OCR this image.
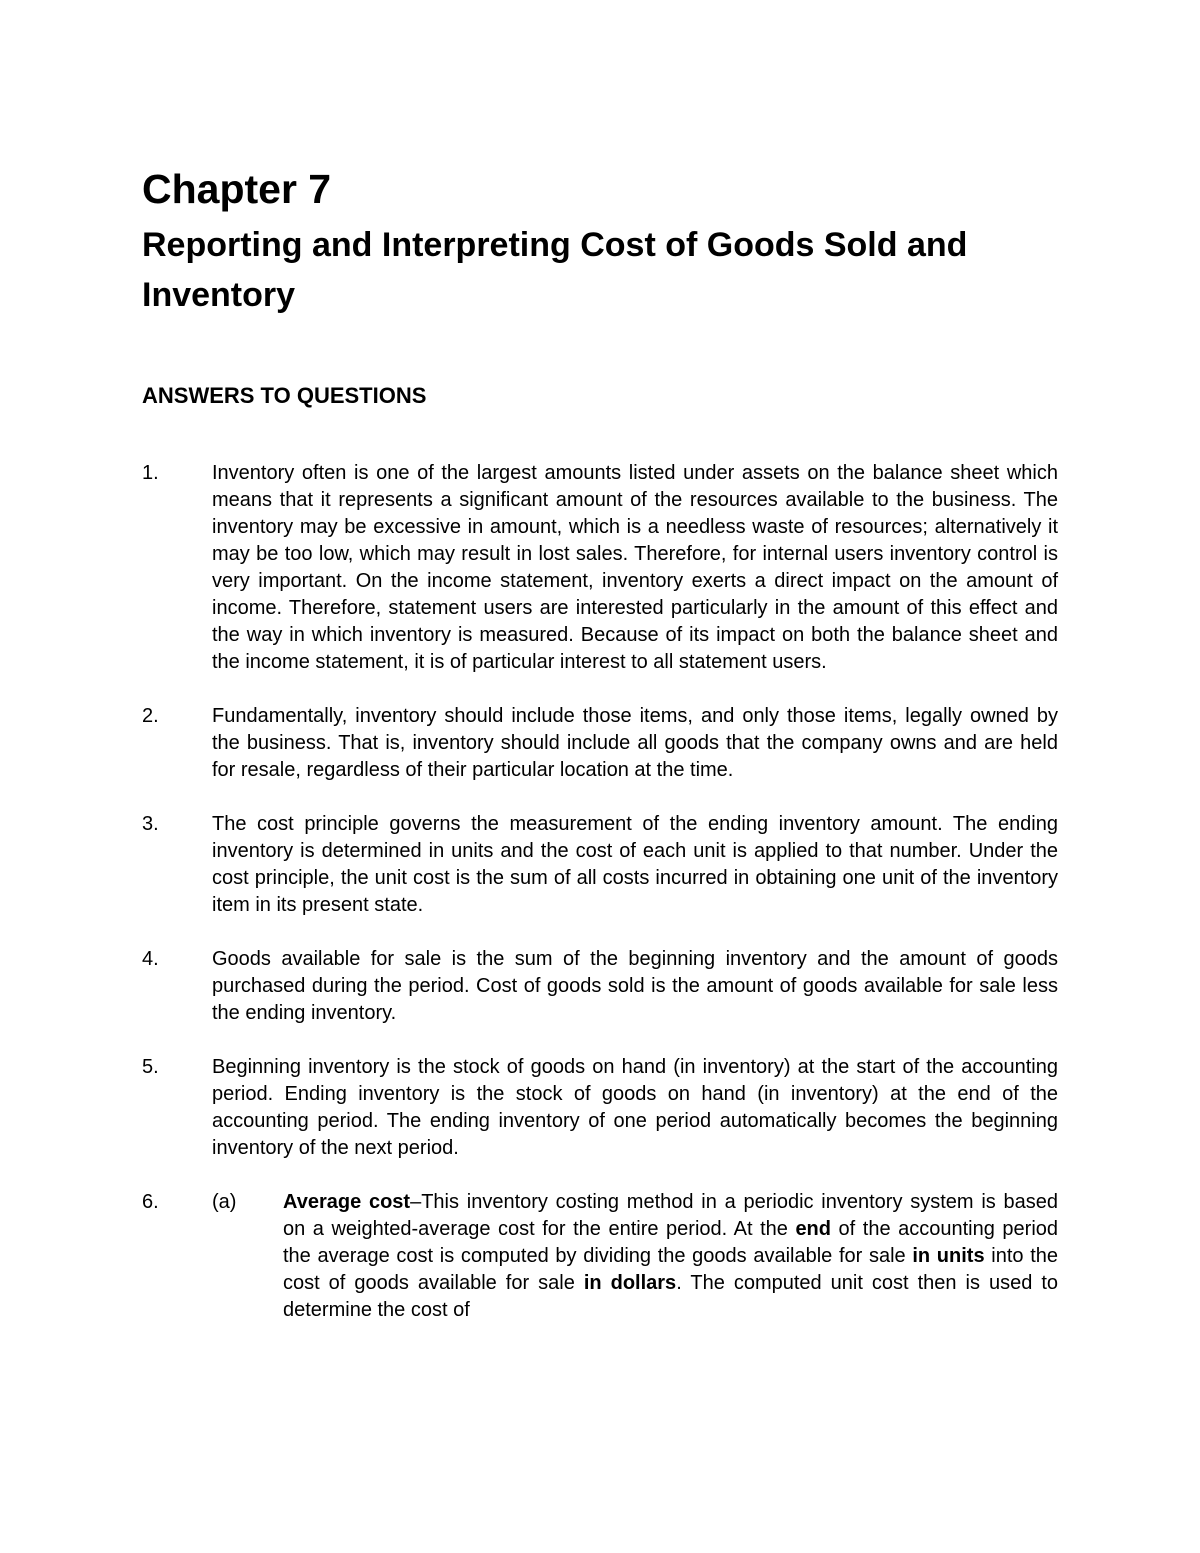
Chapter 7
Reporting and Interpreting Cost of Goods Sold and Inventory
ANSWERS TO QUESTIONS
1.	Inventory often is one of the largest amounts listed under assets on the balance sheet which means that it represents a significant amount of the resources available to the business. The inventory may be excessive in amount, which is a needless waste of resources; alternatively it may be too low, which may result in lost sales. Therefore, for internal users inventory control is very important. On the income statement, inventory exerts a direct impact on the amount of income. Therefore, statement users are interested particularly in the amount of this effect and the way in which inventory is measured. Because of its impact on both the balance sheet and the income statement, it is of particular interest to all statement users.

2.	Fundamentally, inventory should include those items, and only those items, legally owned by the business. That is, inventory should include all goods that the company owns and are held for resale, regardless of their particular location at the time.

3.	The cost principle governs the measurement of the ending inventory amount. The ending inventory is determined in units and the cost of each unit is applied to that number. Under the cost principle, the unit cost is the sum of all costs incurred in obtaining one unit of the inventory item in its present state.

4.	Goods available for sale is the sum of the beginning inventory and the amount of goods purchased during the period. Cost of goods sold is the amount of goods available for sale less the ending inventory.

5.	Beginning inventory is the stock of goods on hand (in inventory) at the start of the accounting period. Ending inventory is the stock of goods on hand (in inventory) at the end of the accounting period. The ending inventory of one period automatically becomes the beginning inventory of the next period.

6.	(a) Average cost–This inventory costing method in a periodic inventory system is based on a weighted-average cost for the entire period. At the end of the accounting period the average cost is computed by dividing the goods available for sale in units into the cost of goods available for sale in dollars. The computed unit cost then is used to determine the cost of
